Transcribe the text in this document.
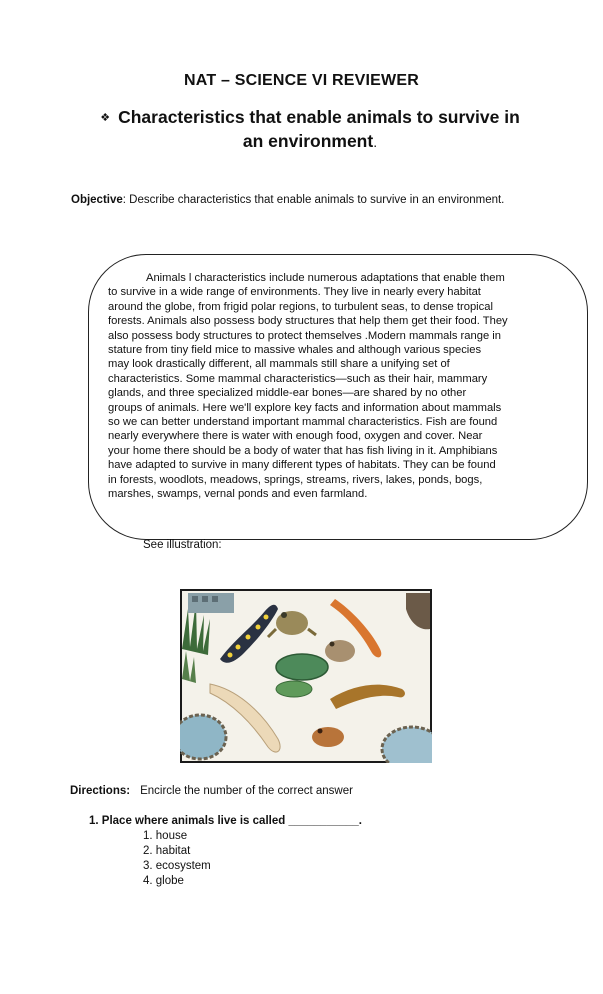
NAT – SCIENCE VI REVIEWER
❖ Characteristics that enable animals to survive in
an environment.
Objective: Describe characteristics that enable animals to survive in an environment.
Animals l characteristics include numerous adaptations that enable them
to survive in a wide range of environments. They live in nearly every habitat
around the globe, from frigid polar regions, to turbulent seas, to dense tropical
forests. Animals also possess body structures that help them get their food. They
also possess body structures to protect themselves .Modern mammals range in
stature from tiny field mice to massive whales and although various species
may look drastically different, all mammals still share a unifying set of
characteristics. Some mammal characteristics—such as their hair, mammary
glands, and three specialized middle-ear bones—are shared by no other
groups of animals. Here we'll explore key facts and information about mammals
so we can better understand important mammal characteristics. Fish are found
nearly everywhere there is water with enough food, oxygen and cover. Near
your home there should be a body of water that has fish living in it. Amphibians
have adapted to survive in many different types of habitats. They can be found
in forests, woodlots, meadows, springs, streams, rivers, lakes, ponds, bogs,
marshes, swamps, vernal ponds and even farmland.
See illustration:
Directions: Encircle the number of the correct answer
1. Place where animals live is called ___________.
1. house
2. habitat
3. ecosystem
4. globe
